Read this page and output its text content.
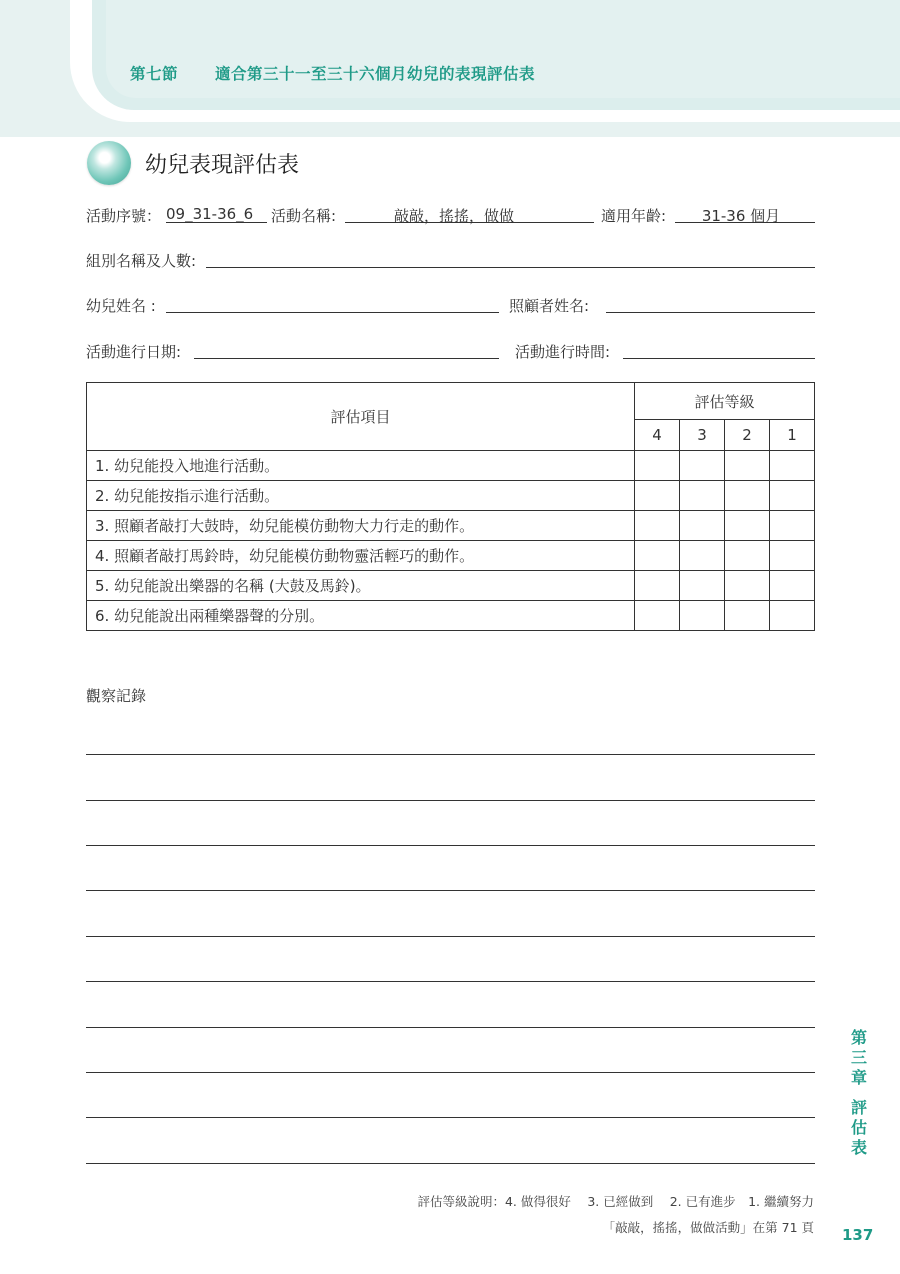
第七節 適合第三十一至三十六個月幼兒的表現評估表
幼兒表現評估表
活動序號： 09_31-36_6	活動名稱:	敲敲，搖搖，做做	適用年齡:	31-36 個月
組別名稱及人數:
幼兒姓名 :	照顧者姓名:
活動進行日期:	活動進行時間:
評估項目	評估等級			
	4	3	2	1
1. 幼兒能投入地進行活動。				
2. 幼兒能按指示進行活動。				
3. 照顧者敲打大鼓時，幼兒能模仿動物大力行走的動作。				
4. 照顧者敲打馬鈴時，幼兒能模仿動物靈活輕巧的動作。				
5. 幼兒能說出樂器的名稱 (大鼓及馬鈴)。				
6. 幼兒能說出兩種樂器聲的分別。				
觀察記錄
第
三
章
評
估
表
評估等級說明：4. 做得很好　 3. 已經做到　 2. 已有進步　1. 繼續努力
「敲敲，搖搖，做做活動」在第 71 頁 137
